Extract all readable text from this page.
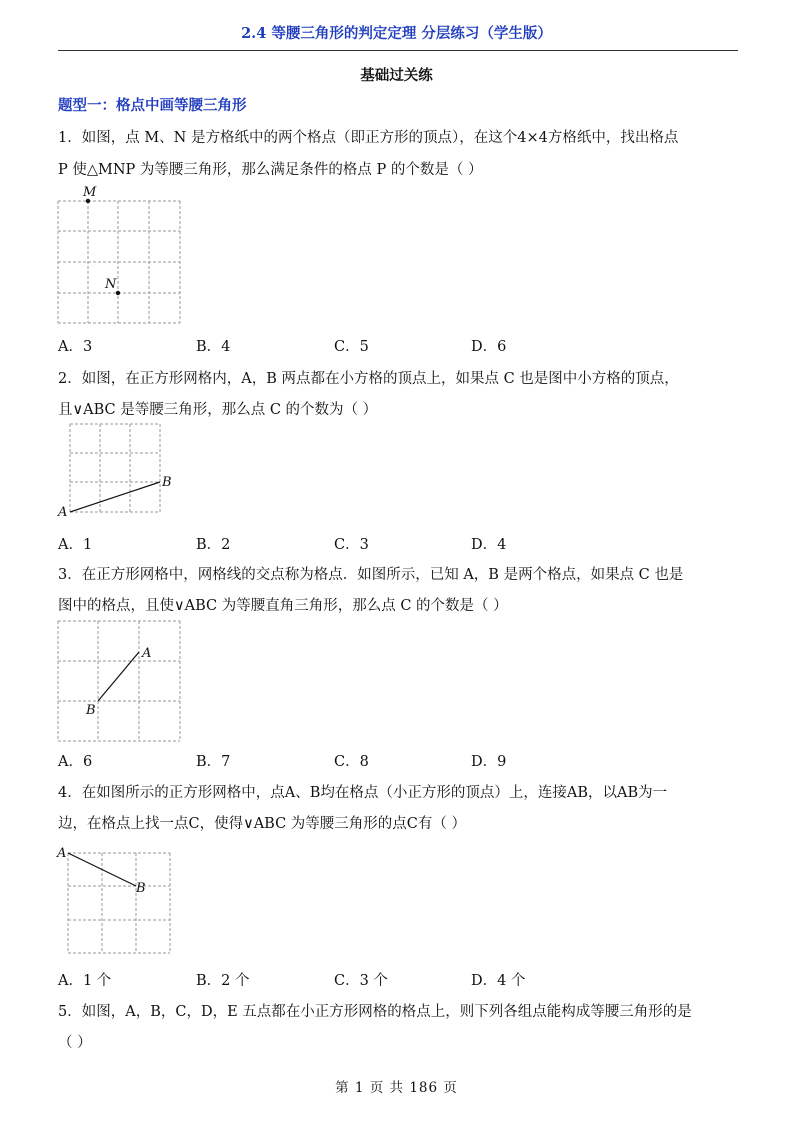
2.4 等腰三角形的判定定理 分层练习（学生版）
基础过关练
题型一：格点中画等腰三角形
1．如图，点 M、N 是方格纸中的两个格点（即正方形的顶点），在这个4×4方格纸中，找出格点
P 使△MNP 为等腰三角形，那么满足条件的格点 P 的个数是（ ）
M
N
A．3	B．4	C．5	D．6
2．如图，在正方形网格内，A，B 两点都在小方格的顶点上，如果点 C 也是图中小方格的顶点，
且∨ABC 是等腰三角形，那么点 C 的个数为（ ）
A
B
A．1	B．2	C．3	D．4
3．在正方形网格中，网格线的交点称为格点．如图所示，已知 A，B 是两个格点，如果点 C 也是
图中的格点，且使∨ABC 为等腰直角三角形，那么点 C 的个数是（ ）
A
B
A．6	B．7	C．8	D．9
4．在如图所示的正方形网格中，点A、B均在格点（小正方形的顶点）上，连接AB，以AB为一
边，在格点上找一点C，使得∨ABC 为等腰三角形的点C有（ ）
A
B
A．1 个	B．2 个	C．3 个	D．4 个
5．如图，A，B，C，D，E 五点都在小正方形网格的格点上，则下列各组点能构成等腰三角形的是
（ ）
第 1 页 共 186 页
